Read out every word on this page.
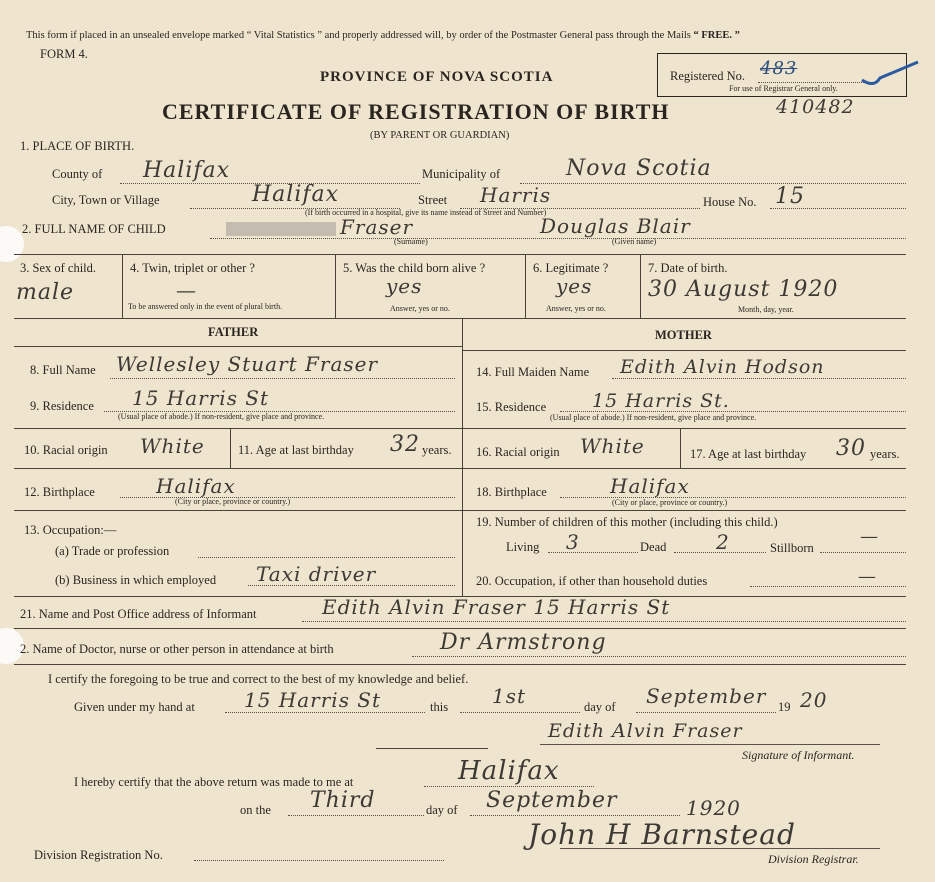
This form if placed in an unsealed envelope marked “ Vital Statistics ” and properly addressed will, by order of the Postmaster General pass through the Mails “ FREE. ”
FORM 4.
PROVINCE OF NOVA SCOTIA
CERTIFICATE OF REGISTRATION OF BIRTH
(BY PARENT OR GUARDIAN)
Registered No. 483
For use of Registrar General only.
410482
1. PLACE OF BIRTH.
County of Halifax	Municipality of	Nova Scotia
City, Town or Village	Halifax	Street Harris	House No. 15
(If birth occurred in a hospital, give its name instead of Street and Number)
2. FULL NAME OF CHILD	Fraser
(Surname)
Douglas Blair
(Given name)
3. Sex of child.
male
4. Twin, triplet or other ?
—
To be answered only in the event of plural birth.
5. Was the child born alive ?
yes
Answer, yes or no.
6. Legitimate ?
yes
Answer, yes or no.
7. Date of birth.
30 August 1920
Month, day, year.
FATHER	MOTHER
8. Full Name Wellesley Stuart Fraser
9. Residence 15 Harris St
(Usual place of abode.) If non-resident, give place and province.
10. Racial origin White	11. Age at last birthday 32 years.
12. Birthplace	Halifax
(City or place, province or country.)
13. Occupation:—
(a) Trade or profession
(b) Business in which employed Taxi driver
14. Full Maiden Name Edith Alvin Hodson
15. Residence 15 Harris St.
(Usual place of abode.) If non-resident, give place and province.
16. Racial origin White	17. Age at last birthday 30 years.
18. Birthplace	Halifax
(City or place, province or country.)
19. Number of children of this mother (including this child.)
Living 3	Dead 2	Stillborn
—
20. Occupation, if other than household duties	—
21. Name and Post Office address of Informant	Edith Alvin Fraser 15 Harris St
2. Name of Doctor, nurse or other person in attendance at birth	Dr Armstrong
I certify the foregoing to be true and correct to the best of my knowledge and belief.
Given under my hand at 15 Harris St	this 1st	day of September 19 20
Edith Alvin Fraser
Signature of Informant.
I hereby certify that the above return was made to me at	Halifax
on the Third	day of September	1920
John H Barnstead
Division Registration No.	Division Registrar.
